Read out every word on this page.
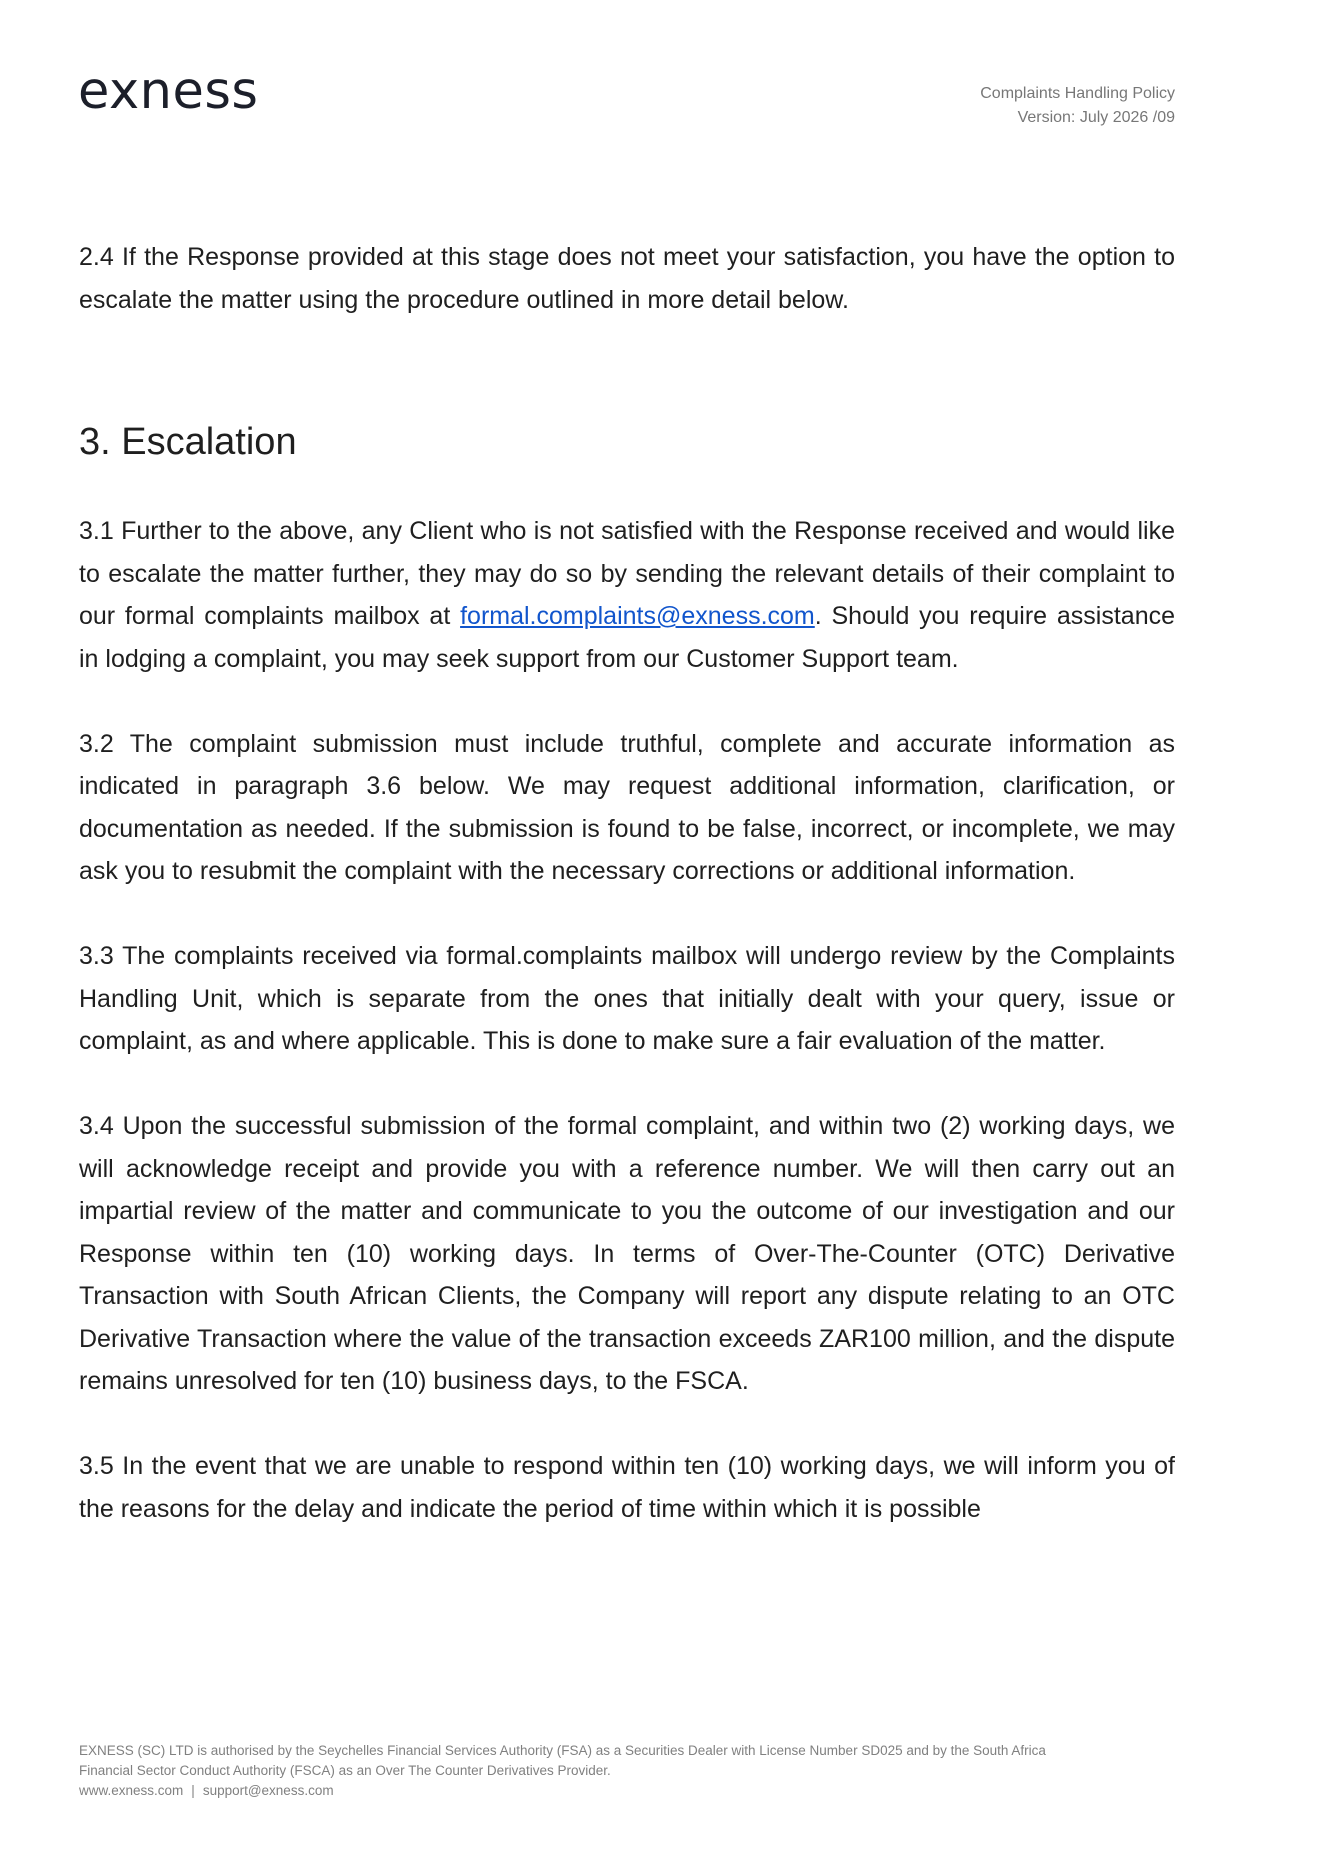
exness	Complaints Handling Policy
Version: July 2026 /09

2.4 If the Response provided at this stage does not meet your satisfaction, you have the option to escalate the matter using the procedure outlined in more detail below.

3. Escalation

3.1 Further to the above, any Client who is not satisfied with the Response received and would like to escalate the matter further, they may do so by sending the relevant details of their complaint to our formal complaints mailbox at formal.complaints@exness.com. Should you require assistance in lodging a complaint, you may seek support from our Customer Support team.

3.2 The complaint submission must include truthful, complete and accurate information as indicated in paragraph 3.6 below. We may request additional information, clarification, or documentation as needed. If the submission is found to be false, incorrect, or incomplete, we may ask you to resubmit the complaint with the necessary corrections or additional information.

3.3 The complaints received via formal.complaints mailbox will undergo review by the Complaints Handling Unit, which is separate from the ones that initially dealt with your query, issue or complaint, as and where applicable. This is done to make sure a fair evaluation of the matter.

3.4 Upon the successful submission of the formal complaint, and within two (2) working days, we will acknowledge receipt and provide you with a reference number. We will then carry out an impartial review of the matter and communicate to you the outcome of our investigation and our Response within ten (10) working days. In terms of Over-The-Counter (OTC) Derivative Transaction with South African Clients, the Company will report any dispute relating to an OTC Derivative Transaction where the value of the transaction exceeds ZAR100 million, and the dispute remains unresolved for ten (10) business days, to the FSCA.

3.5 In the event that we are unable to respond within ten (10) working days, we will inform you of the reasons for the delay and indicate the period of time within which it is possible

EXNESS (SC) LTD is authorised by the Seychelles Financial Services Authority (FSA) as a Securities Dealer with License Number SD025 and by the South Africa
Financial Sector Conduct Authority (FSCA) as an Over The Counter Derivatives Provider.
www.exness.com | support@exness.com
